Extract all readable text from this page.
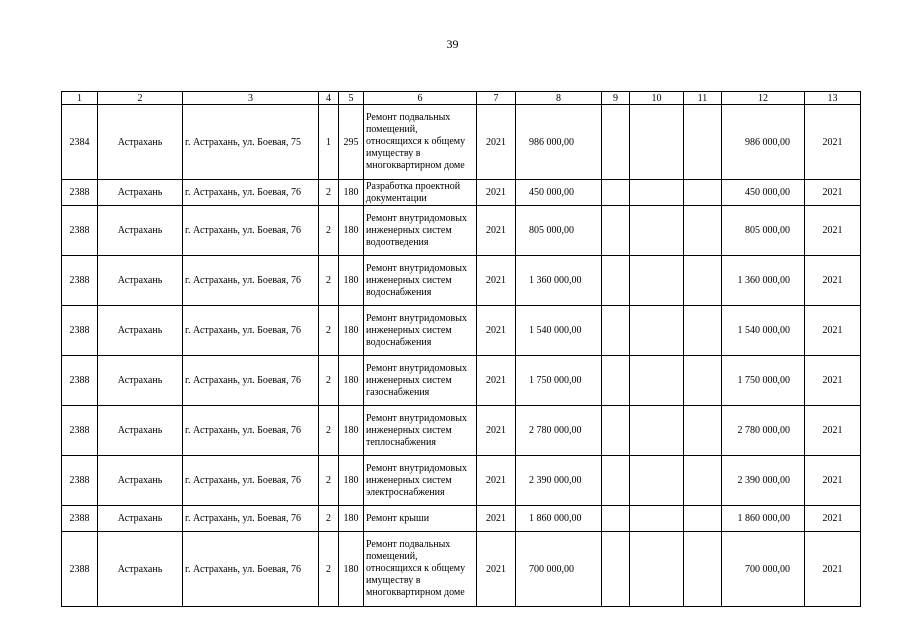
39
1	2	3	4	5	6	7	8	9	10	11	12	13
2384	Астрахань	г. Астрахань, ул. Боевая, 75	1	295	Ремонт подвальных помещений, относящихся к общему имуществу в многоквартирном доме	2021	986 000,00				986 000,00	2021
2388	Астрахань	г. Астрахань, ул. Боевая, 76	2	180	Разработка проектной документации	2021	450 000,00				450 000,00	2021
2388	Астрахань	г. Астрахань, ул. Боевая, 76	2	180	Ремонт внутридомовых инженерных систем водоотведения	2021	805 000,00				805 000,00	2021
2388	Астрахань	г. Астрахань, ул. Боевая, 76	2	180	Ремонт внутридомовых инженерных систем водоснабжения	2021	1 360 000,00				1 360 000,00	2021
2388	Астрахань	г. Астрахань, ул. Боевая, 76	2	180	Ремонт внутридомовых инженерных систем водоснабжения	2021	1 540 000,00				1 540 000,00	2021
2388	Астрахань	г. Астрахань, ул. Боевая, 76	2	180	Ремонт внутридомовых инженерных систем газоснабжения	2021	1 750 000,00				1 750 000,00	2021
2388	Астрахань	г. Астрахань, ул. Боевая, 76	2	180	Ремонт внутридомовых инженерных систем теплоснабжения	2021	2 780 000,00				2 780 000,00	2021
2388	Астрахань	г. Астрахань, ул. Боевая, 76	2	180	Ремонт внутридомовых инженерных систем электроснабжения	2021	2 390 000,00				2 390 000,00	2021
2388	Астрахань	г. Астрахань, ул. Боевая, 76	2	180	Ремонт крыши	2021	1 860 000,00				1 860 000,00	2021
2388	Астрахань	г. Астрахань, ул. Боевая, 76	2	180	Ремонт подвальных помещений, относящихся к общему имуществу в многоквартирном доме	2021	700 000,00				700 000,00	2021
